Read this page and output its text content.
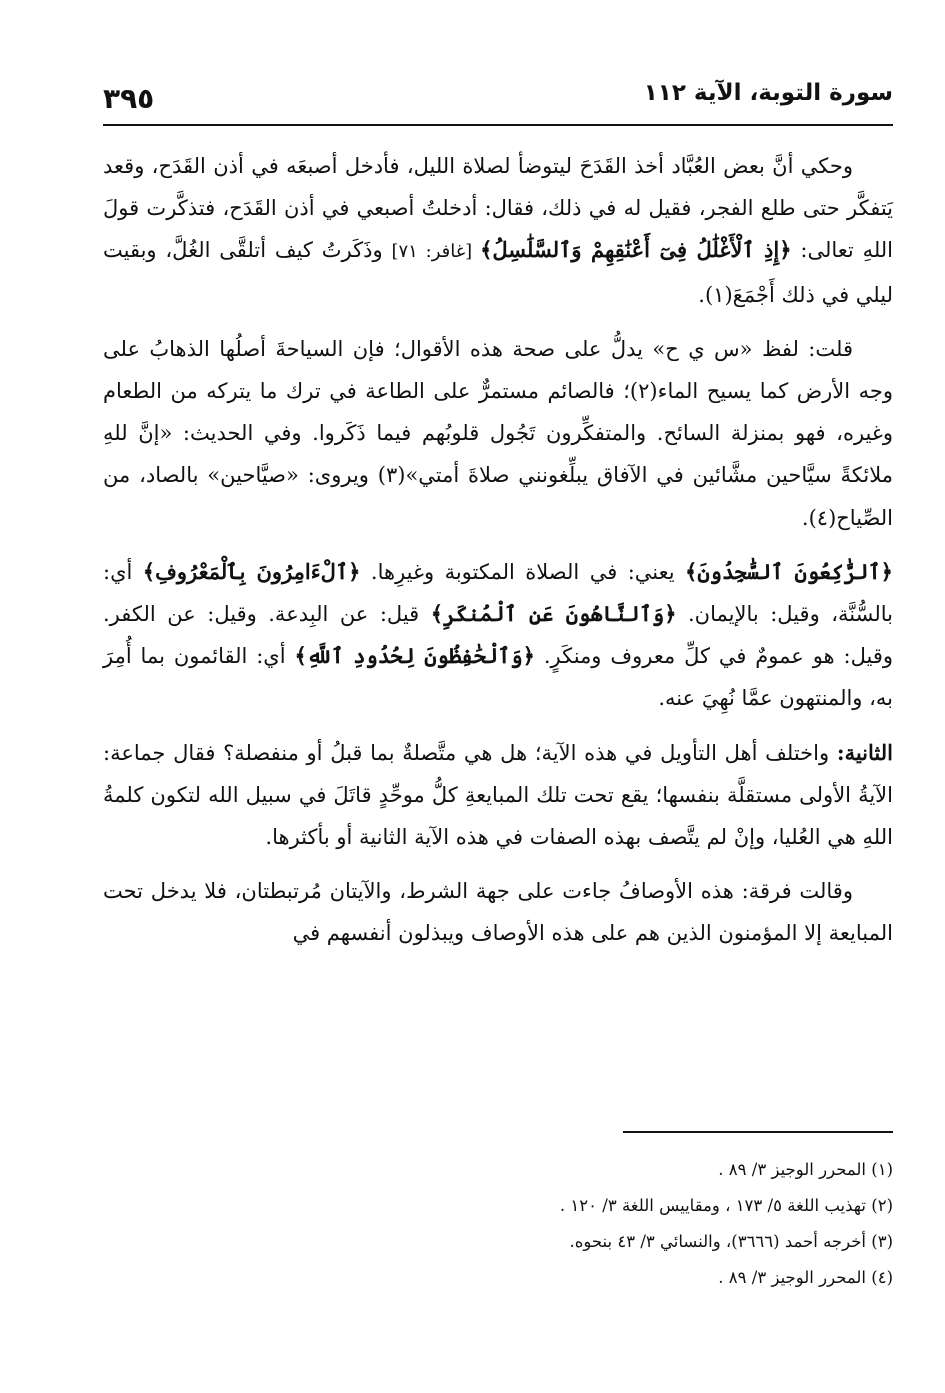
سورة التوبة، الآية ١١٢
٣٩٥

وحكي أنَّ بعض العُبَّاد أخذ القَدَحَ ليتوضأ لصلاة الليل، فأدخل أصبعَه في أذن القَدَح، وقعد يَتفكَّر حتى طلع الفجر، فقيل له في ذلك، فقال: أدخلتُ أصبعي في أذن القَدَح، فتذكَّرت قولَ اللهِ تعالى: ﴿إِذِ ٱلْأَغْلَٰلُ فِىٓ أَعْنَٰقِهِمْ وَٱلسَّلَٰسِلُ﴾ [غافر: ٧١] وذَكَرتُ كيف أتلقَّى الغُلَّ، وبقيت ليلي في ذلك أَجْمَعَ(١).

قلت: لفظ «س ي ح» يدلُّ على صحة هذه الأقوال؛ فإن السياحةَ أصلُها الذهابُ على وجه الأرض كما يسيح الماء(٢)؛ فالصائم مستمرٌّ على الطاعة في ترك ما يتركه من الطعام وغيره، فهو بمنزلة السائح. والمتفكِّرون تَجُول قلوبُهم فيما ذَكَروا. وفي الحديث: «إنَّ للهِ ملائكةً سيَّاحين مشَّائين في الآفاق يبلِّغونني صلاةَ أمتي»(٣) ويروى: «صيَّاحين» بالصاد، من الصِّياح(٤).

﴿ٱلرَّٰكِعُونَ ٱلسَّٰجِدُونَ﴾ يعني: في الصلاة المكتوبة وغيرِها. ﴿ٱلْءَامِرُونَ بِٱلْمَعْرُوفِ﴾ أي: بالسُّنَّة، وقيل: بالإيمان. ﴿وَٱلنَّاهُونَ عَنِ ٱلْمُنكَرِ﴾ قيل: عن البِدعة. وقيل: عن الكفر. وقيل: هو عمومٌ في كلِّ معروف ومنكَرٍ. ﴿وَٱلْحَٰفِظُونَ لِحُدُودِ ٱللَّهِ﴾ أي: القائمون بما أُمِرَ به، والمنتهون عمَّا نُهِيَ عنه.

الثانية: واختلف أهل التأويل في هذه الآية؛ هل هي متَّصلةٌ بما قبلُ أو منفصلة؟ فقال جماعة: الآيةُ الأولى مستقلَّة بنفسها؛ يقع تحت تلك المبايعةِ كلُّ موحِّدٍ قاتَلَ في سبيل الله لتكون كلمةُ اللهِ هي العُليا، وإنْ لم يتَّصف بهذه الصفات في هذه الآية الثانية أو بأكثرها.

وقالت فرقة: هذه الأوصافُ جاءت على جهة الشرط، والآيتان مُرتبطتان، فلا يدخل تحت المبايعة إلا المؤمنون الذين هم على هذه الأوصاف ويبذلون أنفسهم في

(١) المحرر الوجيز ٣/ ٨٩ .
(٢) تهذيب اللغة ٥/ ١٧٣ ، ومقاييس اللغة ٣/ ١٢٠ .
(٣) أخرجه أحمد (٣٦٦٦)، والنسائي ٣/ ٤٣ بنحوه.
(٤) المحرر الوجيز ٣/ ٨٩ .
